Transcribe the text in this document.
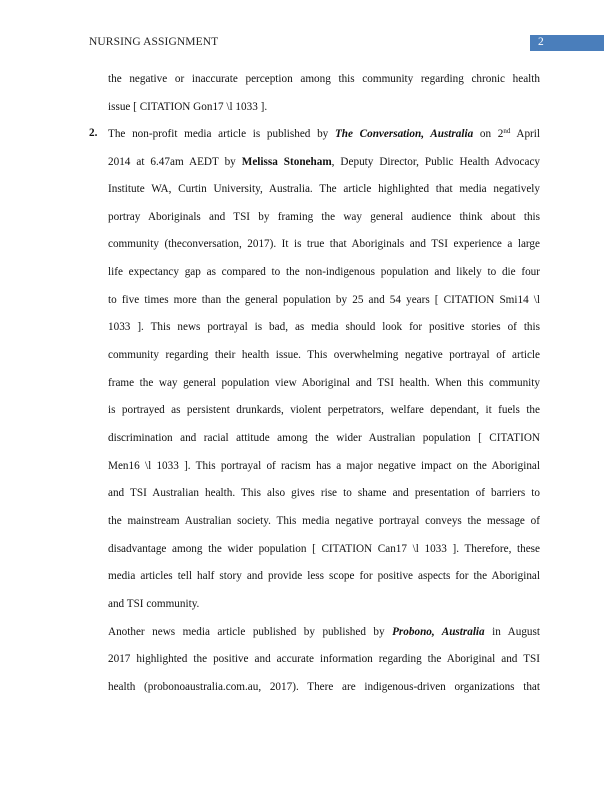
NURSING ASSIGNMENT	2
the negative or inaccurate perception among this community regarding chronic health
issue [ CITATION Gon17 \l 1033 ].
2. The non-profit media article is published by The Conversation, Australia on 2nd April
2014 at 6.47am AEDT by Melissa Stoneham, Deputy Director, Public Health Advocacy
Institute WA, Curtin University, Australia. The article highlighted that media negatively
portray Aboriginals and TSI by framing the way general audience think about this
community (theconversation, 2017). It is true that Aboriginals and TSI experience a large
life expectancy gap as compared to the non-indigenous population and likely to die four
to five times more than the general population by 25 and 54 years [ CITATION Smi14 \l
1033 ]. This news portrayal is bad, as media should look for positive stories of this
community regarding their health issue. This overwhelming negative portrayal of article
frame the way general population view Aboriginal and TSI health. When this community
is portrayed as persistent drunkards, violent perpetrators, welfare dependant, it fuels the
discrimination and racial attitude among the wider Australian population [ CITATION
Men16 \l 1033 ]. This portrayal of racism has a major negative impact on the Aboriginal
and TSI Australian health. This also gives rise to shame and presentation of barriers to
the mainstream Australian society. This media negative portrayal conveys the message of
disadvantage among the wider population [ CITATION Can17 \l 1033 ]. Therefore, these
media articles tell half story and provide less scope for positive aspects for the Aboriginal
and TSI community.
Another news media article published by published by Probono, Australia in August
2017 highlighted the positive and accurate information regarding the Aboriginal and TSI
health (probonoaustralia.com.au, 2017). There are indigenous-driven organizations that
